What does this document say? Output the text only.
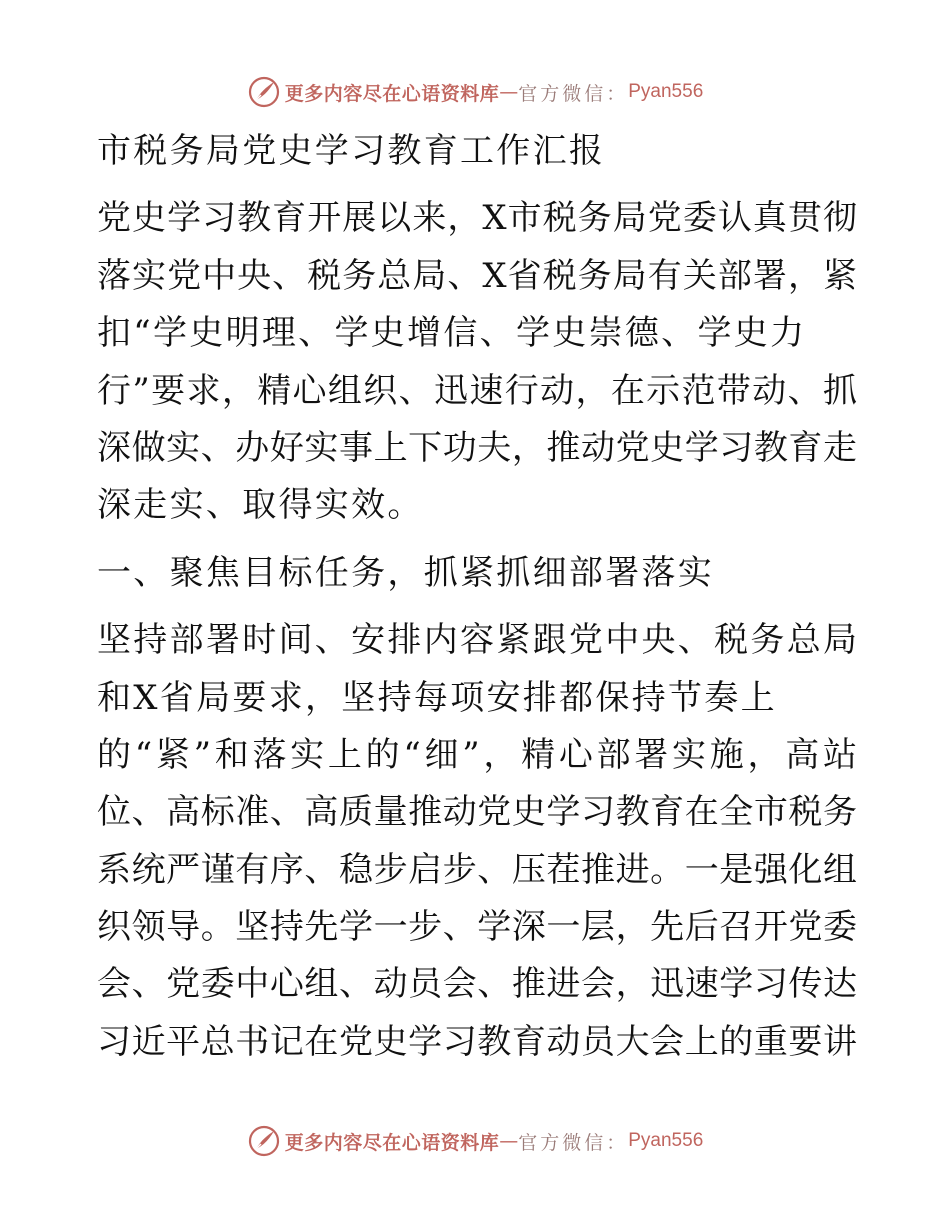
更多内容尽在心语资料库 — 官方微信： Pyan556
市税务局党史学习教育工作汇报
党史学习教育开展以来，X市税务局党委认真贯彻
落实党中央、税务总局、X省税务局有关部署，紧
扣“学史明理、学史增信、学史崇德、学史力
行”要求，精心组织、迅速行动，在示范带动、抓
深做实、办好实事上下功夫，推动党史学习教育走
深走实、取得实效。
一、聚焦目标任务，抓紧抓细部署落实
坚持部署时间、安排内容紧跟党中央、税务总局
和X省局要求，坚持每项安排都保持节奏上
的“紧”和落实上的“细”，精心部署实施，高站
位、高标准、高质量推动党史学习教育在全市税务
系统严谨有序、稳步启步、压茬推进。一是强化组
织领导。坚持先学一步、学深一层，先后召开党委
会、党委中心组、动员会、推进会，迅速学习传达
习近平总书记在党史学习教育动员大会上的重要讲
更多内容尽在心语资料库 — 官方微信： Pyan556
